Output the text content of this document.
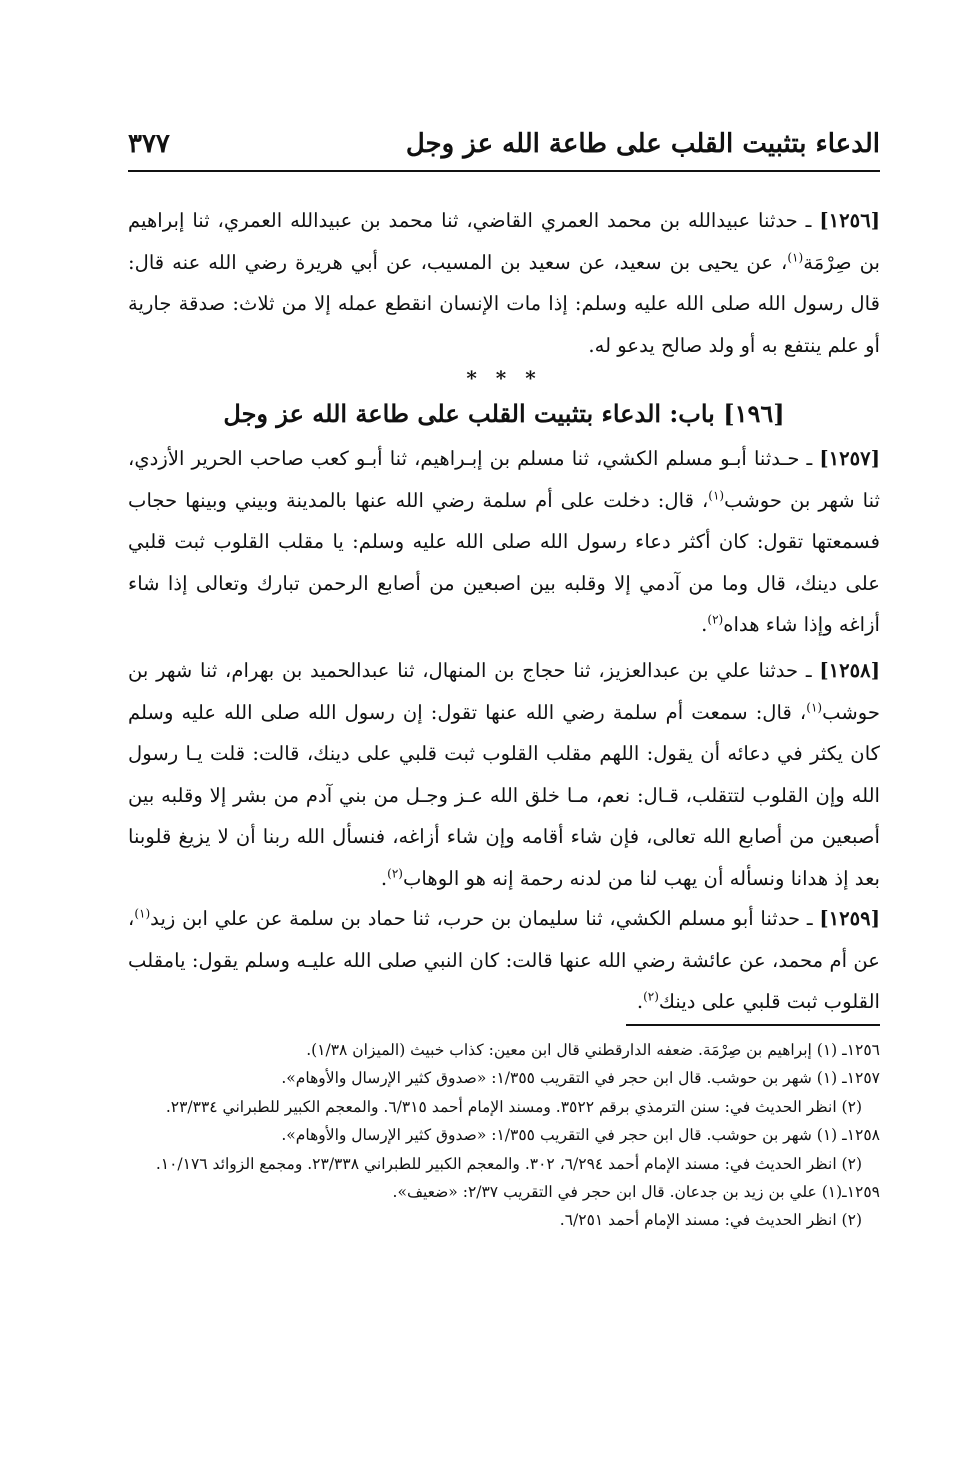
الدعاء بتثبيت القلب على طاعة الله عز وجل
٣٧٧

[١٢٥٦] ـ حدثنا عبيدالله بن محمد العمري القاضي، ثنا محمد بن عبيدالله العمري، ثنا إبراهيم بن صِرْمَة$^{(١)}$، عن يحيى بن سعيد، عن سعيد بن المسيب، عن أبي هريرة رضي الله عنه قال: قال رسول الله صلى الله عليه وسلم: إذا مات الإنسان انقطع عمله إلا من ثلاث: صدقة جارية أو علم ينتفع به أو ولد صالح يدعو له.

* * *
[١٩٦] باب: الدعاء بتثبيت القلب على طاعة الله عز وجل

[١٢٥٧] ـ حـدثنا أبـو مسلم الكشي، ثنا مسلم بن إبـراهيم، ثنا أبـو كعب صاحب الحرير الأزدي، ثنا شهر بن حوشب$^{(١)}$، قال: دخلت على أم سلمة رضي الله عنها بالمدينة وبيني وبينها حجاب فسمعتها تقول: كان أكثر دعاء رسول الله صلى الله عليه وسلم: يا مقلب القلوب ثبت قلبي على دينك، قال وما من آدمي إلا وقلبه بين اصبعين من أصابع الرحمن تبارك وتعالى إذا شاء أزاغه وإذا شاء هداه$^{(٢)}$.

[١٢٥٨] ـ حدثنا علي بن عبدالعزيز، ثنا حجاج بن المنهال، ثنا عبدالحميد بن بهرام، ثنا شهر بن حوشب$^{(١)}$، قال: سمعت أم سلمة رضي الله عنها تقول: إن رسول الله صلى الله عليه وسلم كان يكثر في دعائه أن يقول: اللهم مقلب القلوب ثبت قلبي على دينك، قالت: قلت يـا رسول الله وإن القلوب لتتقلب، قـال: نعم، مـا خلق الله عـز وجـل من بني آدم من بشر إلا وقلبه بين أصبعين من أصابع الله تعالى، فإن شاء أقامه وإن شاء أزاغه، فنسأل الله ربنا أن لا يزيغ قلوبنا بعد إذ هدانا ونسأله أن يهب لنا من لدنه رحمة إنه هو الوهاب$^{(٢)}$.

[١٢٥٩] ـ حدثنا أبو مسلم الكشي، ثنا سليمان بن حرب، ثنا حماد بن سلمة عن علي ابن زيد$^{(١)}$، عن أم محمد، عن عائشة رضي الله عنها قالت: كان النبي صلى الله عليـه وسلم يقول: يامقلب القلوب ثبت قلبي على دينك$^{(٢)}$.

١٢٥٦ـ (١) إبراهيم بن صِرْمَة. ضعفه الدارقطني قال ابن معين: كذاب خبيث (الميزان ١/٣٨).

١٢٥٧ـ (١) شهر بن حوشب. قال ابن حجر في التقريب ١/٣٥٥: «صدوق كثير الإرسال والأوهام».

(٢) انظر الحديث في: سنن الترمذي برقم ٣٥٢٢. ومسند الإمام أحمد ٦/٣١٥. والمعجم الكبير للطبراني ٢٣/٣٣٤.

١٢٥٨ـ (١) شهر بن حوشب. قال ابن حجر في التقريب ١/٣٥٥: «صدوق كثير الإرسال والأوهام».

(٢) انظر الحديث في: مسند الإمام أحمد ٦/٢٩٤، ٣٠٢. والمعجم الكبير للطبراني ٢٣/٣٣٨. ومجمع الزوائد ١٠/١٧٦.

١٢٥٩ـ(١) علي بن زيد بن جدعان. قال ابن حجر في التقريب ٢/٣٧: «ضعيف».

(٢) انظر الحديث في: مسند الإمام أحمد ٦/٢٥١.
